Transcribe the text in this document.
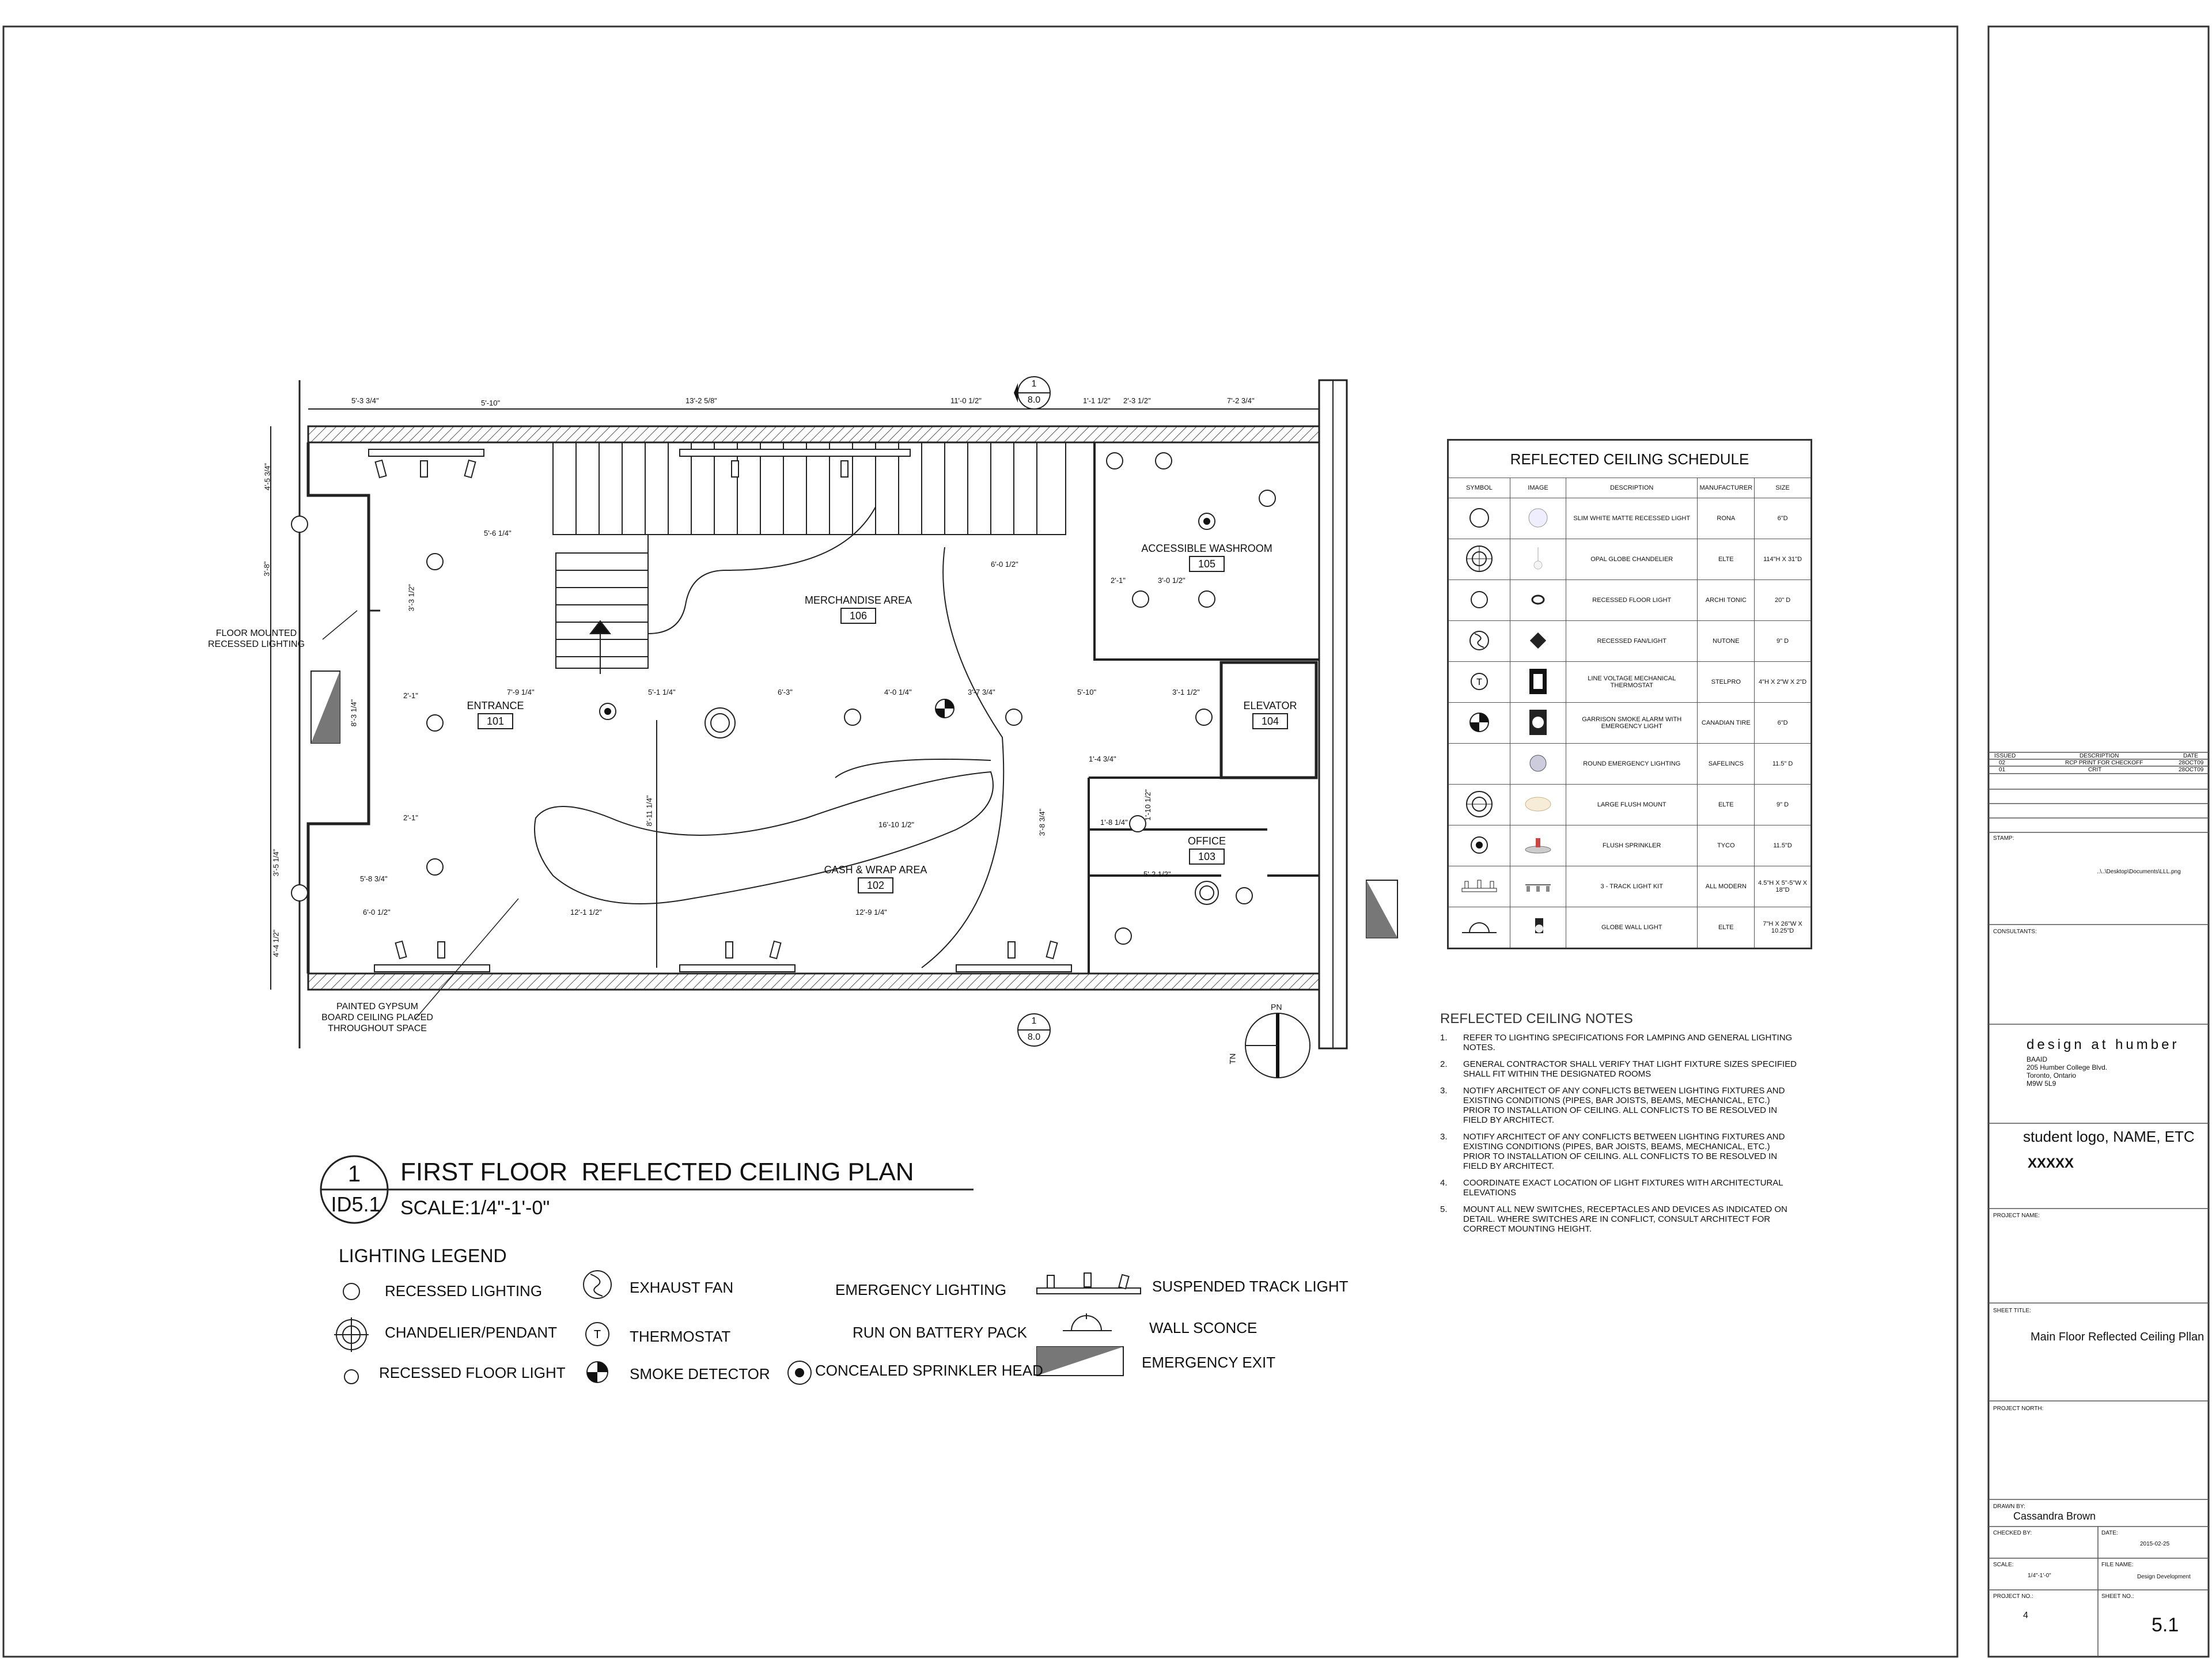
ENTRANCE
101
CASH & WRAP AREA
102
OFFICE
103
ELEVATOR
104
ACCESSIBLE WASHROOM
105
MERCHANDISE AREA
106
1
8.0
1
8.0
PN
TN
FLOOR MOUNTED RECESSED LIGHTING
PAINTED GYPSUM BOARD CEILING PLACED THROUGHOUT SPACE
5'-3 3/4"	5'-10"	13'-2 5/8"	11'-0 1/2"	1'-1 1/2" 2'-3 1/2"	7'-2 3/4"
4'-5 3/4"
3'-8"
3'-3 1/2"
8'-3 1/4"
3'-5 1/4"
4'-4 1/2"
5'-6 1/4"
7'-9 1/4"	5'-1 1/4"	6'-3"	4'-0 1/4"	3'-7 3/4"	5'-10"	3'-1 1/2"
2'-1"
2'-1"
5'-8 3/4"
6'-0 1/2"	12'-1 1/2"	12'-9 1/4"
16'-10 1/2"
8'-11 1/4"
6'-0 1/2"
2'-1"	3'-0 1/2"
3'-8 3/4"
5'-2 1/2"
1'-4 3/4"
1'-8 1/4"
1'-10 1/2"
1
ID5.1
FIRST FLOOR  REFLECTED CEILING PLAN
SCALE:1/4"-1'-0"
LIGHTING LEGEND
T
RECESSED LIGHTING
CHANDELIER/PENDANT
RECESSED FLOOR LIGHT
EXHAUST FAN
THERMOSTAT
SMOKE DETECTOR
EMERGENCY LIGHTING
RUN ON BATTERY PACK
CONCEALED SPRINKLER HEAD
SUSPENDED TRACK LIGHT
WALL SCONCE
EMERGENCY EXIT
REFLECTED CEILING SCHEDULE				
SYMBOL	IMAGE	DESCRIPTION	MANUFACTURER	SIZE
		SLIM WHITE MATTE RECESSED LIGHT	RONA	6"D
		OPAL GLOBE CHANDELIER	ELTE	114"H X 31"D
		RECESSED FLOOR LIGHT	ARCHI TONIC	20" D
		RECESSED FAN/LIGHT	NUTONE	9" D

T		LINE VOLTAGE MECHANICAL THERMOSTAT	STELPRO	4"H X 2"W X 2"D
		GARRISON SMOKE ALARM WITH EMERGENCY LIGHT	CANADIAN TIRE	6"D
		ROUND EMERGENCY LIGHTING	SAFELINCS	11.5" D
		LARGE FLUSH MOUNT	ELTE	9" D
		FLUSH SPRINKLER	TYCO	11.5"D
		3 - TRACK LIGHT KIT	ALL MODERN	4.5"H X 5"-5"W X 18"D
		GLOBE WALL LIGHT	ELTE	7"H X 26"W X 10.25"D
REFLECTED CEILING NOTES
1.	REFER TO LIGHTING SPECIFICATIONS FOR LAMPING AND GENERAL LIGHTING NOTES.
2.	GENERAL CONTRACTOR SHALL VERIFY THAT LIGHT FIXTURE SIZES SPECIFIED SHALL FIT WITHIN THE DESIGNATED ROOMS
3.	NOTIFY ARCHITECT OF ANY CONFLICTS BETWEEN LIGHTING FIXTURES AND EXISTING CONDITIONS (PIPES, BAR JOISTS, BEAMS, MECHANICAL, ETC.) PRIOR TO INSTALLATION OF CEILING. ALL CONFLICTS TO BE RESOLVED IN FIELD BY ARCHITECT.
3.	NOTIFY ARCHITECT OF ANY CONFLICTS BETWEEN LIGHTING FIXTURES AND EXISTING CONDITIONS (PIPES, BAR JOISTS, BEAMS, MECHANICAL, ETC.) PRIOR TO INSTALLATION OF CEILING. ALL CONFLICTS TO BE RESOLVED IN FIELD BY ARCHITECT.
4.	COORDINATE EXACT LOCATION OF LIGHT FIXTURES WITH ARCHITECTURAL ELEVATIONS
5.	MOUNT ALL NEW SWITCHES, RECEPTACLES AND DEVICES AS INDICATED ON DETAIL. WHERE SWITCHES ARE IN CONFLICT, CONSULT ARCHITECT FOR CORRECT MOUNTING HEIGHT.
ISSUED	DESCRIPTION	DATE
02	RCP PRINT FOR CHECKOFF	28OCT09
01	CRIT	28OCT09
STAMP:
..\..\Desktop\Documents\LLL.png
CONSULTANTS:
design at humber
BAAID
205 Humber College Blvd.
Toronto, Ontario
M9W 5L9
student logo, NAME, ETC
XXXXX
PROJECT NAME:
SHEET TITLE:
Main Floor Reflected Ceiling Pllan
PROJECT NORTH:
DRAWN BY:
Cassandra Brown
CHECKED BY:	DATE:
2015-02-25
SCALE:
1/4"-1'-0"
FILE NAME:
Design Development
PROJECT NO.:
4
SHEET NO.:
5.1
